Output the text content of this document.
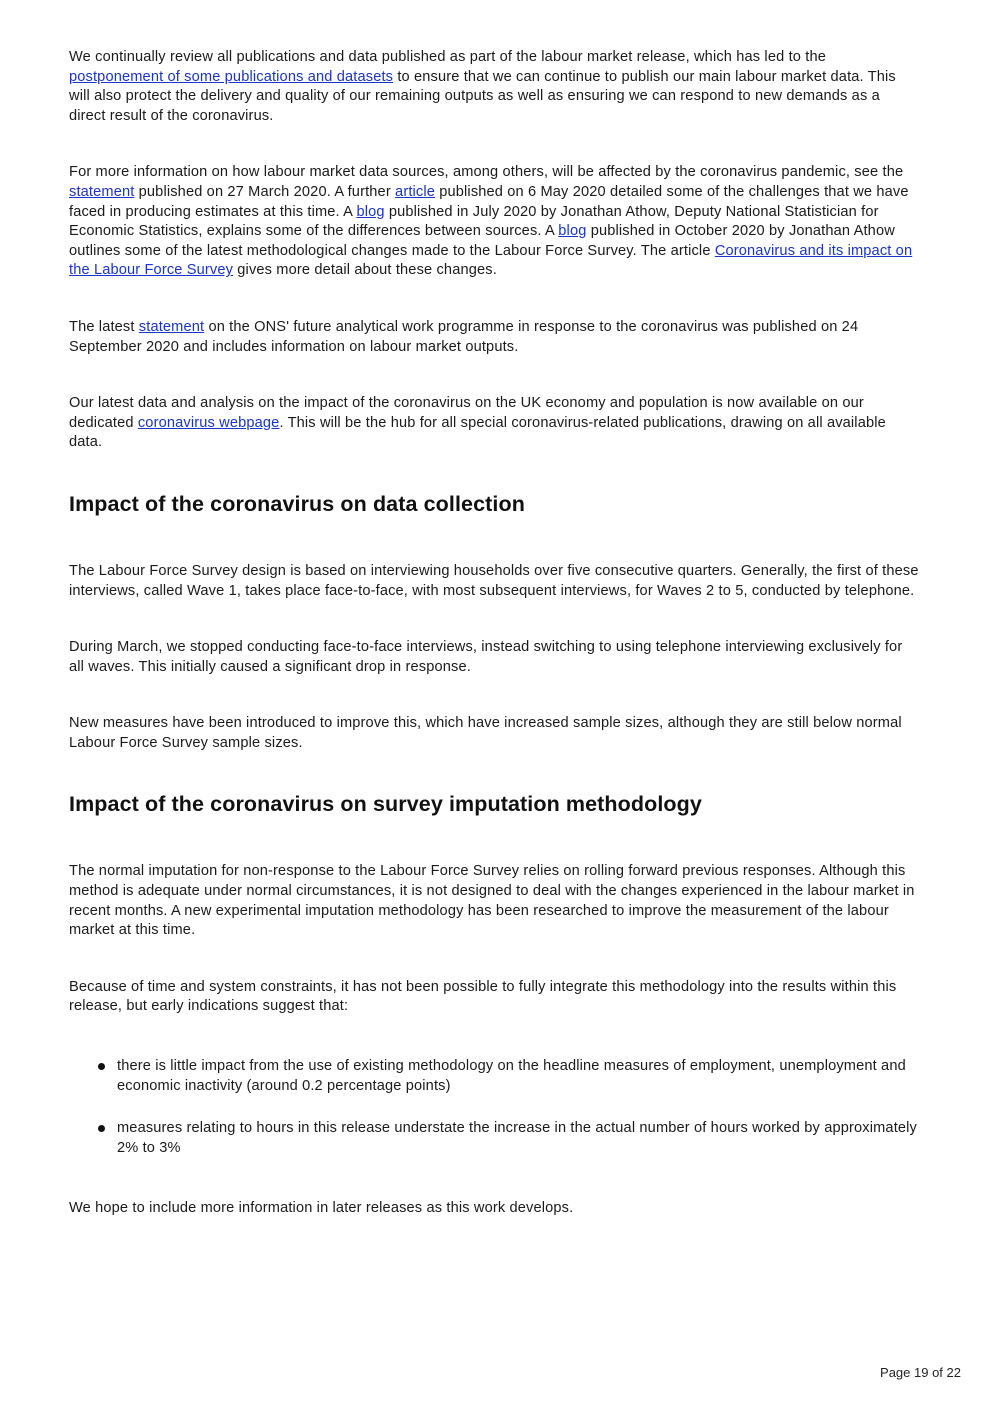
We continually review all publications and data published as part of the labour market release, which has led to the postponement of some publications and datasets to ensure that we can continue to publish our main labour market data. This will also protect the delivery and quality of our remaining outputs as well as ensuring we can respond to new demands as a direct result of the coronavirus.

For more information on how labour market data sources, among others, will be affected by the coronavirus pandemic, see the statement published on 27 March 2020. A further article published on 6 May 2020 detailed some of the challenges that we have faced in producing estimates at this time. A blog published in July 2020 by Jonathan Athow, Deputy National Statistician for Economic Statistics, explains some of the differences between sources. A blog published in October 2020 by Jonathan Athow outlines some of the latest methodological changes made to the Labour Force Survey. The article Coronavirus and its impact on the Labour Force Survey gives more detail about these changes.

The latest statement on the ONS' future analytical work programme in response to the coronavirus was published on 24 September 2020 and includes information on labour market outputs.

Our latest data and analysis on the impact of the coronavirus on the UK economy and population is now available on our dedicated coronavirus webpage. This will be the hub for all special coronavirus-related publications, drawing on all available data.

Impact of the coronavirus on data collection

The Labour Force Survey design is based on interviewing households over five consecutive quarters. Generally, the first of these interviews, called Wave 1, takes place face-to-face, with most subsequent interviews, for Waves 2 to 5, conducted by telephone.

During March, we stopped conducting face-to-face interviews, instead switching to using telephone interviewing exclusively for all waves. This initially caused a significant drop in response.

New measures have been introduced to improve this, which have increased sample sizes, although they are still below normal Labour Force Survey sample sizes.

Impact of the coronavirus on survey imputation methodology

The normal imputation for non-response to the Labour Force Survey relies on rolling forward previous responses. Although this method is adequate under normal circumstances, it is not designed to deal with the changes experienced in the labour market in recent months. A new experimental imputation methodology has been researched to improve the measurement of the labour market at this time.

Because of time and system constraints, it has not been possible to fully integrate this methodology into the results within this release, but early indications suggest that:

there is little impact from the use of existing methodology on the headline measures of employment, unemployment and economic inactivity (around 0.2 percentage points)
measures relating to hours in this release understate the increase in the actual number of hours worked by approximately 2% to 3%

We hope to include more information in later releases as this work develops.

Page 19 of 22
